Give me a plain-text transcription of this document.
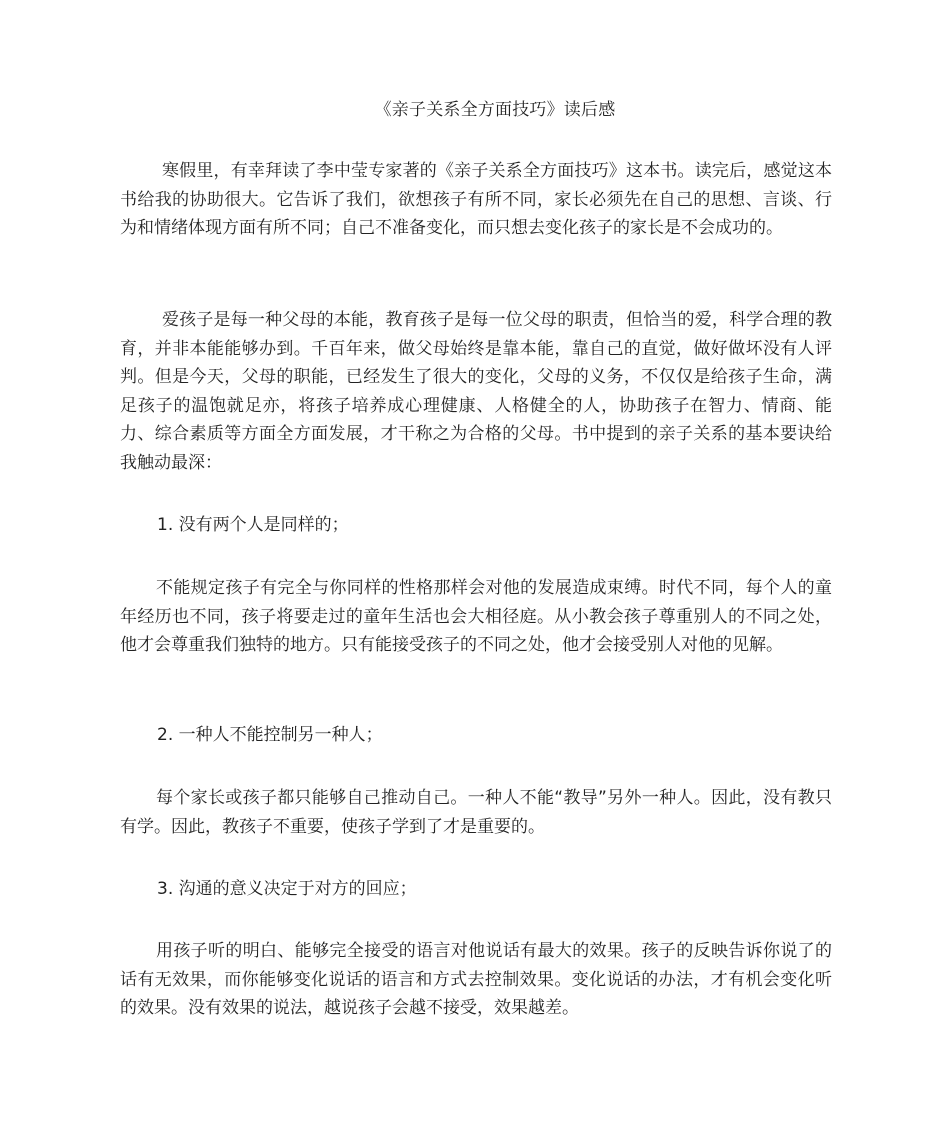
《亲子关系全方面技巧》读后感

寒假里，有幸拜读了李中莹专家著的《亲子关系全方面技巧》这本书。读完后，感觉这本书给我的协助很大。它告诉了我们，欲想孩子有所不同，家长必须先在自己的思想、言谈、行为和情绪体现方面有所不同；自己不准备变化，而只想去变化孩子的家长是不会成功的。

爱孩子是每一种父母的本能，教育孩子是每一位父母的职责，但恰当的爱，科学合理的教育，并非本能能够办到。千百年来，做父母始终是靠本能，靠自己的直觉，做好做坏没有人评判。但是今天，父母的职能，已经发生了很大的变化，父母的义务，不仅仅是给孩子生命，满足孩子的温饱就足亦，将孩子培养成心理健康、人格健全的人，协助孩子在智力、情商、能力、综合素质等方面全方面发展，才干称之为合格的父母。书中提到的亲子关系的基本要诀给我触动最深：

1. 没有两个人是同样的；

不能规定孩子有完全与你同样的性格那样会对他的发展造成束缚。时代不同，每个人的童年经历也不同，孩子将要走过的童年生活也会大相径庭。从小教会孩子尊重别人的不同之处，他才会尊重我们独特的地方。只有能接受孩子的不同之处，他才会接受别人对他的见解。

2. 一种人不能控制另一种人；

每个家长或孩子都只能够自己推动自己。一种人不能“教导”另外一种人。因此，没有教只有学。因此，教孩子不重要，使孩子学到了才是重要的。

3. 沟通的意义决定于对方的回应；

用孩子听的明白、能够完全接受的语言对他说话有最大的效果。孩子的反映告诉你说了的话有无效果，而你能够变化说话的语言和方式去控制效果。变化说话的办法，才有机会变化听的效果。没有效果的说法，越说孩子会越不接受，效果越差。
